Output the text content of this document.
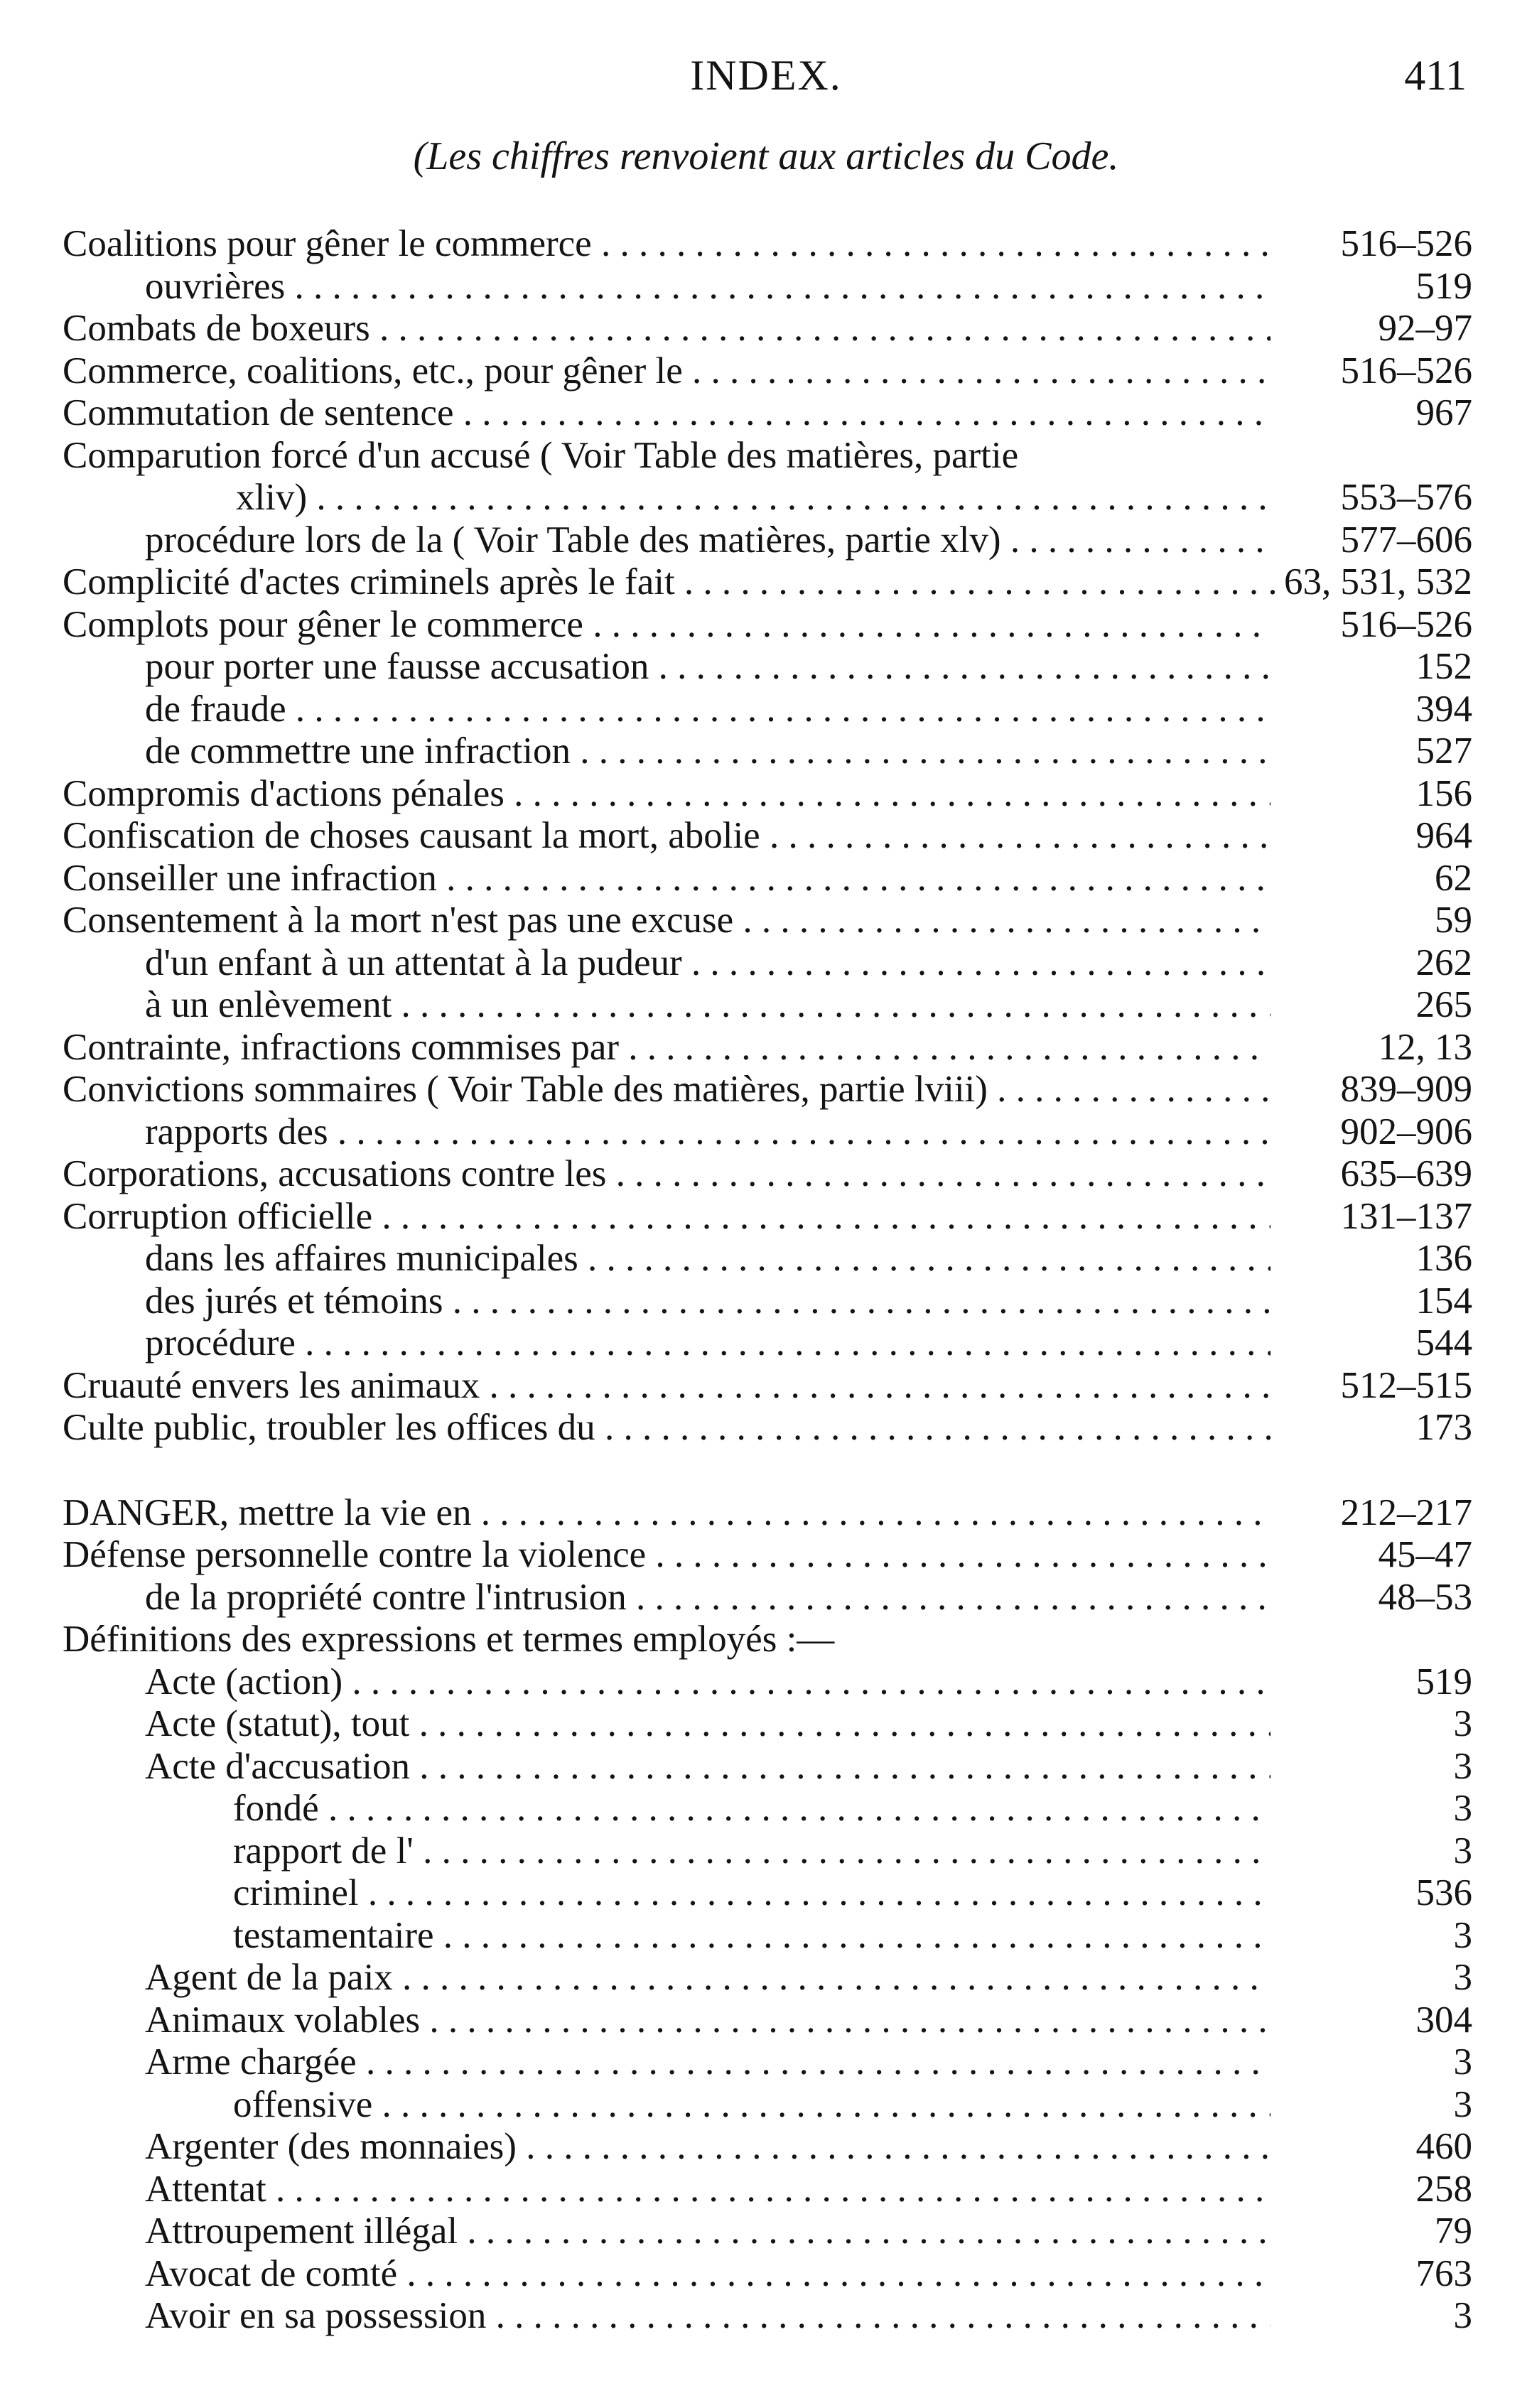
INDEX.	411
(Les chiffres renvoient aux articles du Code.
Coalitions pour gêner le commerce . . .	516–526
ouvrières . . .	519
Combats de boxeurs . . .	92–97
Commerce, coalitions, etc., pour gêner le . . .	516–526
Commutation de sentence . . .	967
Comparution forcé d'un accusé ( Voir Table des matières, partie
xliv) . . .	553–576
procédure lors de la ( Voir Table des matières, partie xlv) . . .	577–606
Complicité d'actes criminels après le fait . . .	63, 531, 532
Complots pour gêner le commerce . . .	516–526
pour porter une fausse accusation . . .	152
de fraude . . .	394
de commettre une infraction . . .	527
Compromis d'actions pénales . . .	156
Confiscation de choses causant la mort, abolie . . .	964
Conseiller une infraction . . .	62
Consentement à la mort n'est pas une excuse . . .	59
d'un enfant à un attentat à la pudeur . . .	262
à un enlèvement . . .	265
Contrainte, infractions commises par . . .	12, 13
Convictions sommaires ( Voir Table des matières, partie lviii) . . .	839–909
rapports des . . .	902–906
Corporations, accusations contre les . . .	635–639
Corruption officielle . . .	131–137
dans les affaires municipales . . .	136
des jurés et témoins . . .	154
procédure . . .	544
Cruauté envers les animaux . . .	512–515
Culte public, troubler les offices du . . .	173
DANGER, mettre la vie en . . .	212–217
Défense personnelle contre la violence . . .	45–47
de la propriété contre l'intrusion . . .	48–53
Définitions des expressions et termes employés :—
Acte (action) . . .	519
Acte (statut), tout . . .	3
Acte d'accusation . . .	3
fondé . . .	3
rapport de l' . . .	3
criminel . . .	536
testamentaire . . .	3
Agent de la paix . . .	3
Animaux volables . . .	304
Arme chargée . . .	3
offensive . . .	3
Argenter (des monnaies) . . .	460
Attentat . . .	258
Attroupement illégal . . .	79
Avocat de comté . . .	763
Avoir en sa possession . . .	3
